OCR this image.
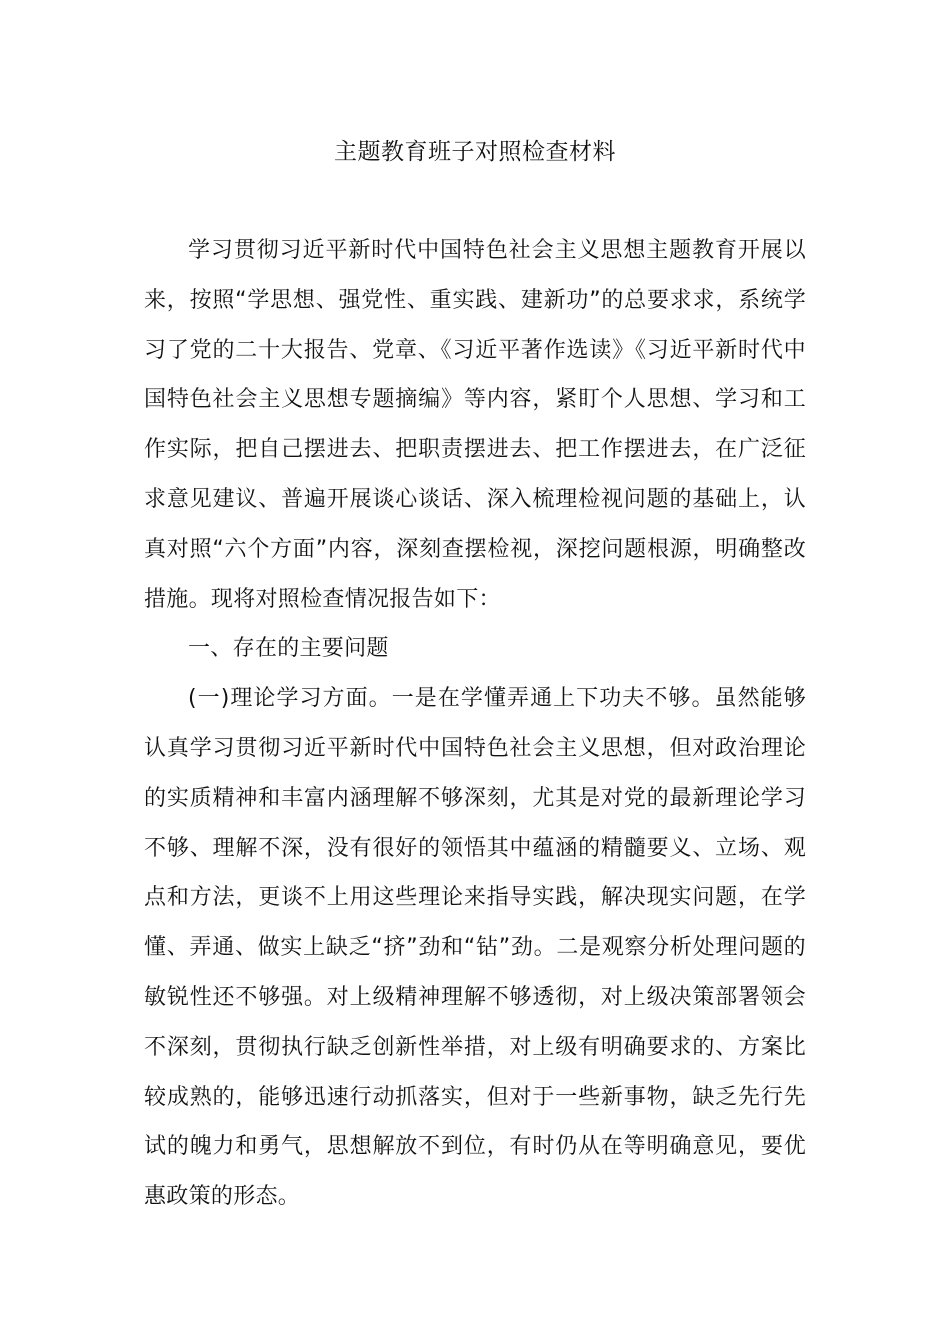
主题教育班子对照检查材料

学习贯彻习近平新时代中国特色社会主义思想主题教育开展以来，按照“学思想、强党性、重实践、建新功”的总要求求，系统学习了党的二十大报告、党章、《习近平著作选读》《习近平新时代中国特色社会主义思想专题摘编》等内容，紧盯个人思想、学习和工作实际，把自己摆进去、把职责摆进去、把工作摆进去，在广泛征求意见建议、普遍开展谈心谈话、深入梳理检视问题的基础上，认真对照“六个方面”内容，深刻查摆检视，深挖问题根源，明确整改措施。现将对照检查情况报告如下：

一、存在的主要问题

(一)理论学习方面。一是在学懂弄通上下功夫不够。虽然能够认真学习贯彻习近平新时代中国特色社会主义思想，但对政治理论的实质精神和丰富内涵理解不够深刻，尤其是对党的最新理论学习不够、理解不深，没有很好的领悟其中蕴涵的精髓要义、立场、观点和方法，更谈不上用这些理论来指导实践，解决现实问题，在学懂、弄通、做实上缺乏“挤”劲和“钻”劲。二是观察分析处理问题的敏锐性还不够强。对上级精神理解不够透彻，对上级决策部署领会不深刻，贯彻执行缺乏创新性举措，对上级有明确要求的、方案比较成熟的，能够迅速行动抓落实，但对于一些新事物，缺乏先行先试的魄力和勇气，思想解放不到位，有时仍从在等明确意见，要优惠政策的形态。
